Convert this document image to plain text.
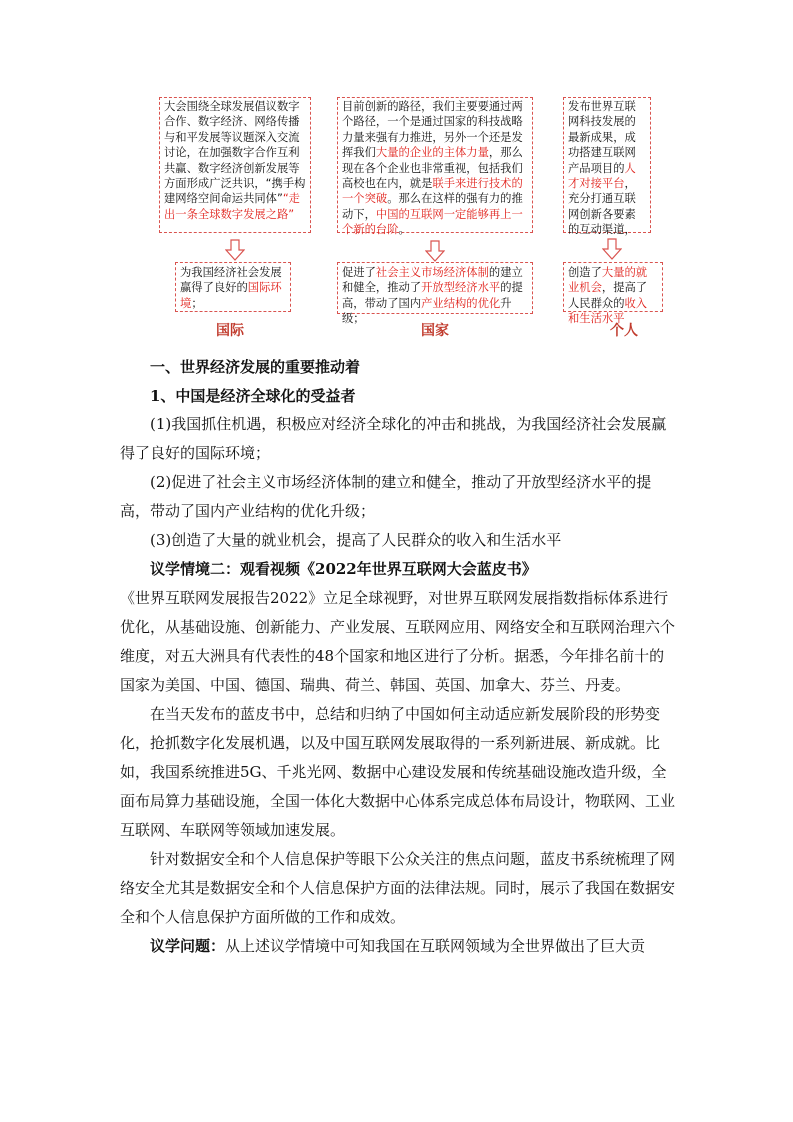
大会围绕全球发展倡议数字合作、数字经济、网络传播与和平发展等议题深入交流讨论，在加强数字合作互利共赢、数字经济创新发展等方面形成广泛共识，“携手构建网络空间命运共同体”“走出一条全球数字发展之路”
为我国经济社会发展赢得了良好的国际环境；
国际
目前创新的路径，我们主要要通过两个路径，一个是通过国家的科技战略力量来强有力推进，另外一个还是发挥我们大量的企业的主体力量，那么现在各个企业也非常重视，包括我们高校也在内，就是联手来进行技术的一个突破。那么在这样的强有力的推动下，中国的互联网一定能够再上一个新的台阶。
促进了社会主义市场经济体制的建立和健全，推动了开放型经济水平的提高，带动了国内产业结构的优化升级；
国家
发布世界互联网科技发展的最新成果，成功搭建互联网产品项目的人才对接平台，充分打通互联网创新各要素的互动渠道，
创造了大量的就业机会，提高了人民群众的收入和生活水平
个人
一、世界经济发展的重要推动着
1、中国是经济全球化的受益者

(1)我国抓住机遇，积极应对经济全球化的冲击和挑战，为我国经济社会发展赢得了良好的国际环境；

(2)促进了社会主义市场经济体制的建立和健全，推动了开放型经济水平的提高，带动了国内产业结构的优化升级；

(3)创造了大量的就业机会，提高了人民群众的收入和生活水平

议学情境二：观看视频《2022年世界互联网大会蓝皮书》

《世界互联网发展报告2022》立足全球视野，对世界互联网发展指数指标体系进行优化，从基础设施、创新能力、产业发展、互联网应用、网络安全和互联网治理六个维度，对五大洲具有代表性的48个国家和地区进行了分析。据悉，今年排名前十的国家为美国、中国、德国、瑞典、荷兰、韩国、英国、加拿大、芬兰、丹麦。

在当天发布的蓝皮书中，总结和归纳了中国如何主动适应新发展阶段的形势变化，抢抓数字化发展机遇，以及中国互联网发展取得的一系列新进展、新成就。比如，我国系统推进5G、千兆光网、数据中心建设发展和传统基础设施改造升级，全面布局算力基础设施，全国一体化大数据中心体系完成总体布局设计，物联网、工业互联网、车联网等领域加速发展。

针对数据安全和个人信息保护等眼下公众关注的焦点问题，蓝皮书系统梳理了网络安全尤其是数据安全和个人信息保护方面的法律法规。同时，展示了我国在数据安全和个人信息保护方面所做的工作和成效。

议学问题：从上述议学情境中可知我国在互联网领域为全世界做出了巨大贡
